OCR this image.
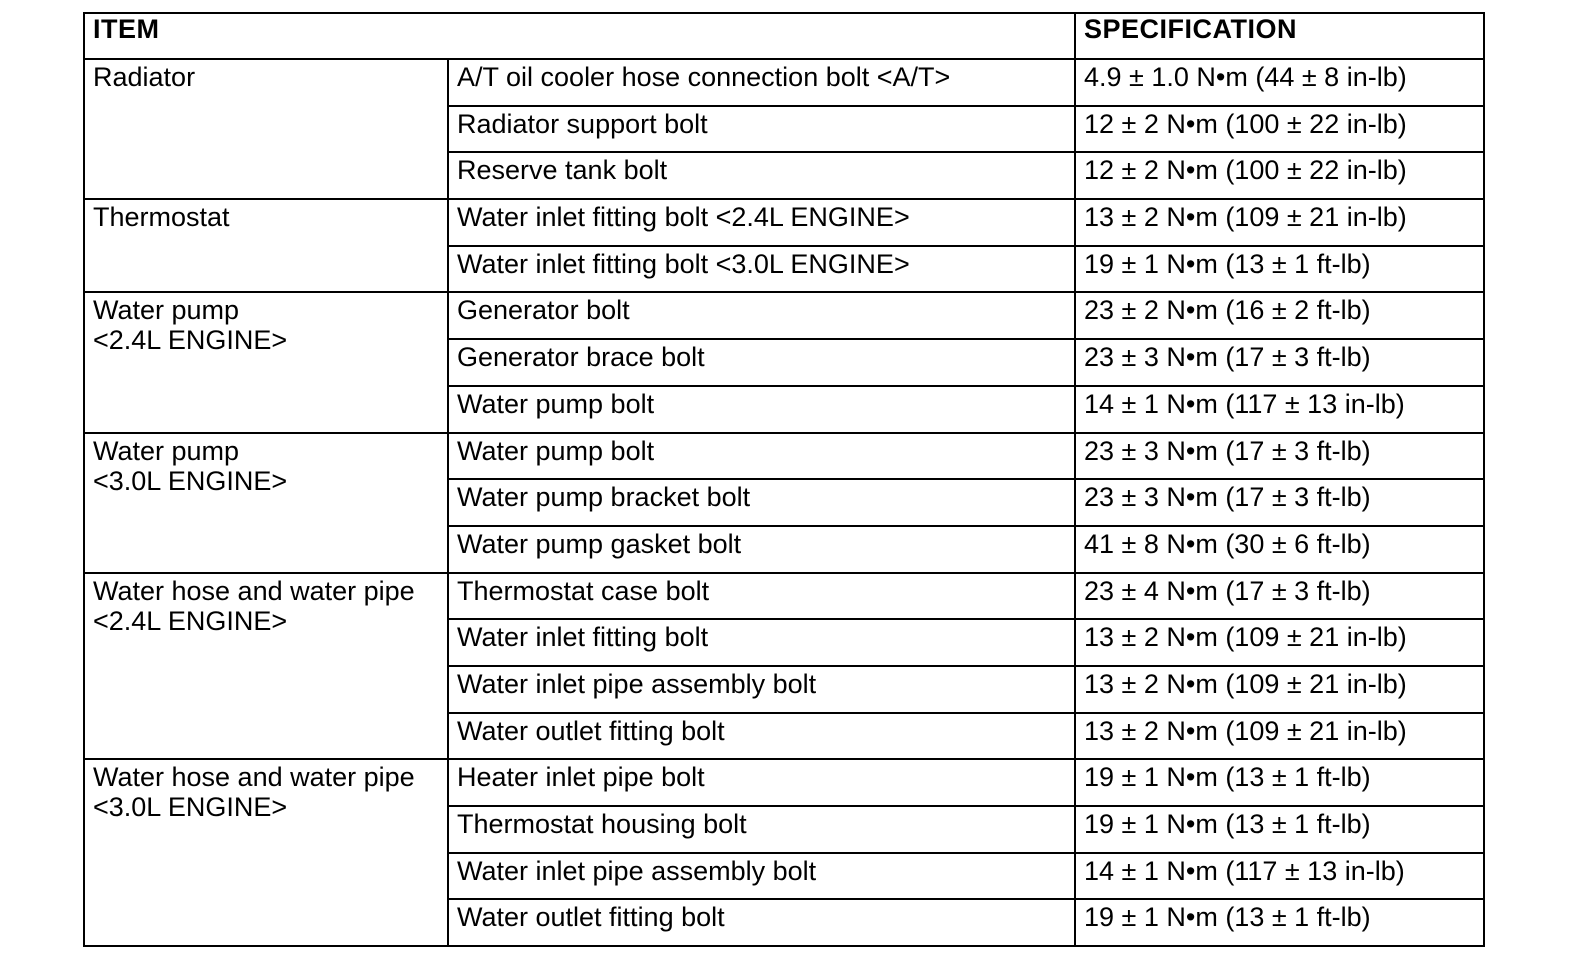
ITEM		SPECIFICATION

Radiator	A/T oil cooler hose connection bolt <A/T>	4.9 ± 1.0 N•m (44 ± 8 in-lb)
	Radiator support bolt	12 ± 2 N•m (100 ± 22 in-lb)
	Reserve tank bolt	12 ± 2 N•m (100 ± 22 in-lb)

Thermostat	Water inlet fitting bolt <2.4L ENGINE>	13 ± 2 N•m (109 ± 21 in-lb)
	Water inlet fitting bolt <3.0L ENGINE>	19 ± 1 N•m (13 ± 1 ft-lb)

Water pump
<2.4L ENGINE>	Generator bolt	23 ± 2 N•m (16 ± 2 ft-lb)
	Generator brace bolt	23 ± 3 N•m (17 ± 3 ft-lb)
	Water pump bolt	14 ± 1 N•m (117 ± 13 in-lb)

Water pump
<3.0L ENGINE>	Water pump bolt	23 ± 3 N•m (17 ± 3 ft-lb)
	Water pump bracket bolt	23 ± 3 N•m (17 ± 3 ft-lb)
	Water pump gasket bolt	41 ± 8 N•m (30 ± 6 ft-lb)

Water hose and water pipe
<2.4L ENGINE>	Thermostat case bolt	23 ± 4 N•m (17 ± 3 ft-lb)
	Water inlet fitting bolt	13 ± 2 N•m (109 ± 21 in-lb)
	Water inlet pipe assembly bolt	13 ± 2 N•m (109 ± 21 in-lb)
	Water outlet fitting bolt	13 ± 2 N•m (109 ± 21 in-lb)

Water hose and water pipe
<3.0L ENGINE>	Heater inlet pipe bolt	19 ± 1 N•m (13 ± 1 ft-lb)
	Thermostat housing bolt	19 ± 1 N•m (13 ± 1 ft-lb)
	Water inlet pipe assembly bolt	14 ± 1 N•m (117 ± 13 in-lb)
	Water outlet fitting bolt	19 ± 1 N•m (13 ± 1 ft-lb)
